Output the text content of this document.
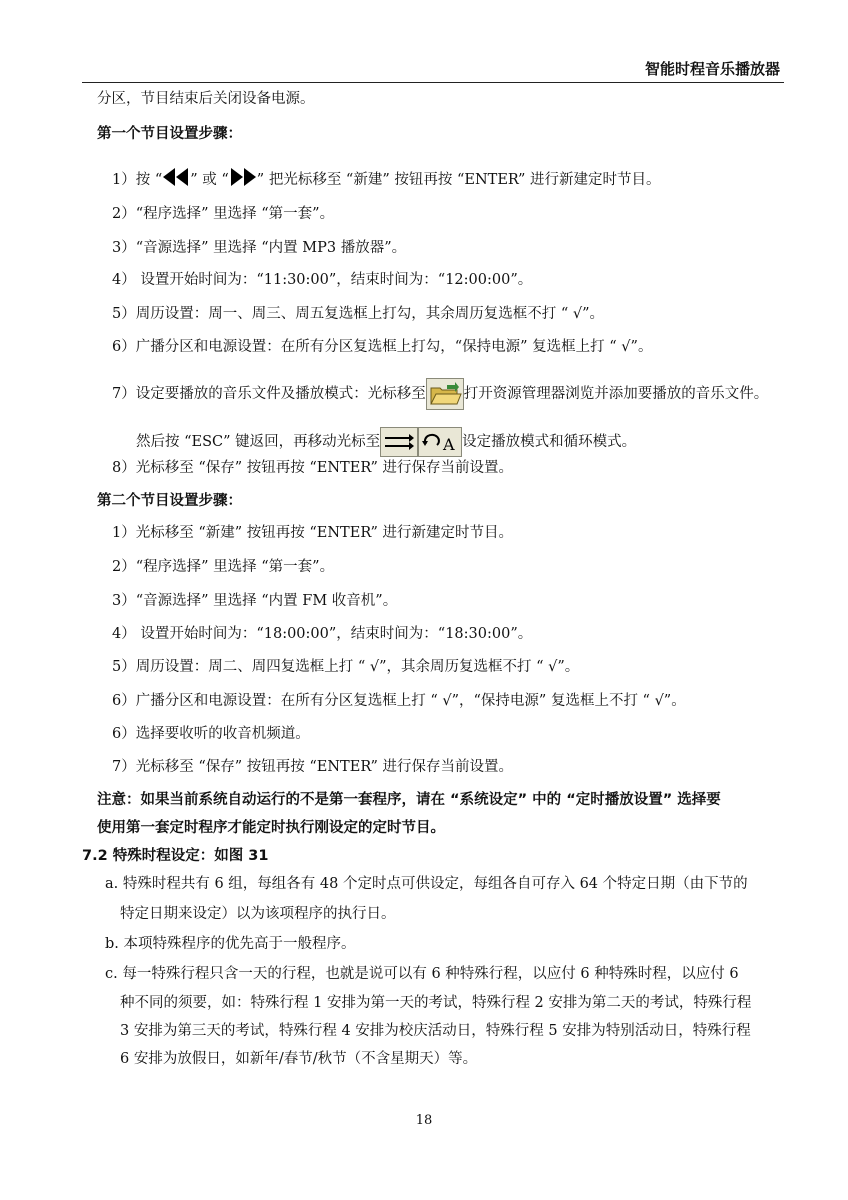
智能时程音乐播放器
分区，节目结束后关闭设备电源。
第一个节目设置步骤：
1）按 “ ” 或 “ ” 把光标移至 “新建” 按钮再按 “ENTER” 进行新建定时节目。
2）“程序选择” 里选择 “第一套”。
3）“音源选择” 里选择 “内置 MP3 播放器”。
4） 设置开始时间为：“11:30:00”，结束时间为：“12:00:00”。
5）周历设置：周一、周三、周五复选框上打勾，其余周历复选框不打 “ √”。
6）广播分区和电源设置：在所有分区复选框上打勾，“保持电源” 复选框上打 “ √”。
7）设定要播放的音乐文件及播放模式：光标移至	打开资源管理器浏览并添加要播放的音乐文件。
然后按 “ESC” 键返回，再移动光标至	A 设定播放模式和循环模式。
8）光标移至 “保存” 按钮再按 “ENTER” 进行保存当前设置。
第二个节目设置步骤：
1）光标移至 “新建” 按钮再按 “ENTER” 进行新建定时节目。
2）“程序选择” 里选择 “第一套”。
3）“音源选择” 里选择 “内置 FM 收音机”。
4） 设置开始时间为：“18:00:00”，结束时间为：“18:30:00”。
5）周历设置：周二、周四复选框上打 “ √”，其余周历复选框不打 “ √”。
6）广播分区和电源设置：在所有分区复选框上打 “ √”，“保持电源” 复选框上不打 “ √”。
6）选择要收听的收音机频道。
7）光标移至 “保存” 按钮再按 “ENTER” 进行保存当前设置。
注意：如果当前系统自动运行的不是第一套程序，请在 “系统设定” 中的 “定时播放设置” 选择要
使用第一套定时程序才能定时执行刚设定的定时节目。
7.2 特殊时程设定：如图 31
a. 特殊时程共有 6 组，每组各有 48 个定时点可供设定，每组各自可存入 64 个特定日期（由下节的
特定日期来设定）以为该项程序的执行日。
b. 本项特殊程序的优先高于一般程序。
c. 每一特殊行程只含一天的行程，也就是说可以有 6 种特殊行程，以应付 6 种特殊时程，以应付 6
种不同的须要，如：特殊行程 1 安排为第一天的考试，特殊行程 2 安排为第二天的考试，特殊行程
3 安排为第三天的考试，特殊行程 4 安排为校庆活动日，特殊行程 5 安排为特别活动日，特殊行程
6 安排为放假日，如新年/春节/秋节（不含星期天）等。
18
